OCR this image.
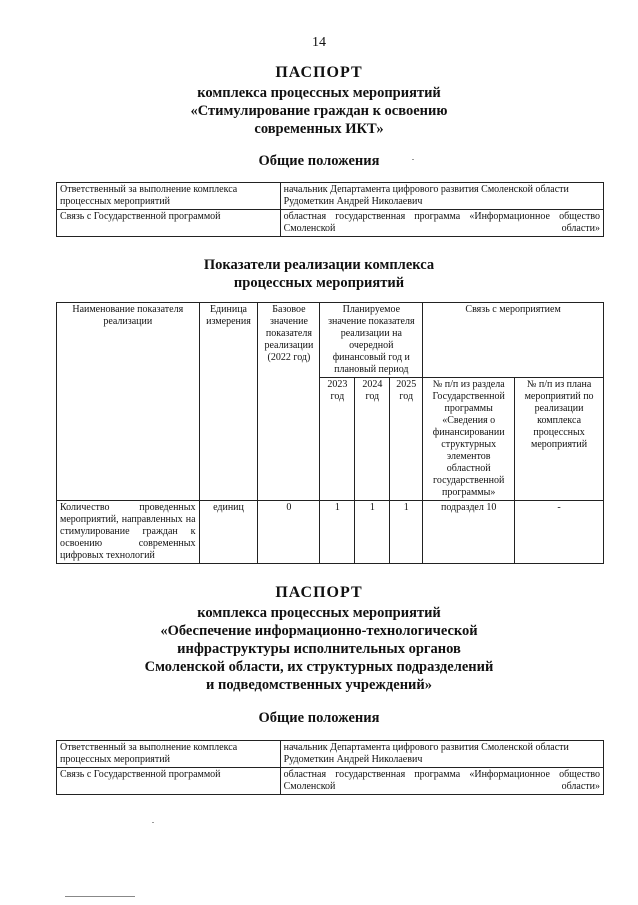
14
ПАСПОРТ
комплекса процессных мероприятий
«Стимулирование граждан к освоению
современных ИКТ»
Общие положения
Ответственный за выполнение комплекса процессных мероприятий	начальник Департамента цифрового развития Смоленской области Рудометкин Андрей Николаевич
Связь с Государственной программой	областная государственная программа «Информационное общество Смоленской области»
Показатели реализации комплекса
процессных мероприятий
Наименование показателя реализации	Единица измерения	Базовое значение показателя реализации (2022 год)	Планируемое значение показателя реализации на очередной финансовый год и плановый период			Связь с мероприятием	
			2023 год	2024 год	2025 год	№ п/п из раздела Государственной программы «Сведения о финансировании структурных элементов областной государственной программы»	№ п/п из плана мероприятий по реализации комплекса процессных мероприятий
Количество проведенных мероприятий, направленных на стимулирование граждан к освоению современных цифровых технологий	единиц	0	1	1	1	подраздел 10	-
ПАСПОРТ
комплекса процессных мероприятий
«Обеспечение информационно-технологической
инфраструктуры исполнительных органов
Смоленской области, их структурных подразделений
и подведомственных учреждений»
Общие положения
Ответственный за выполнение комплекса процессных мероприятий	начальник Департамента цифрового развития Смоленской области Рудометкин Андрей Николаевич
Связь с Государственной программой	областная государственная программа «Информационное общество Смоленской области»
